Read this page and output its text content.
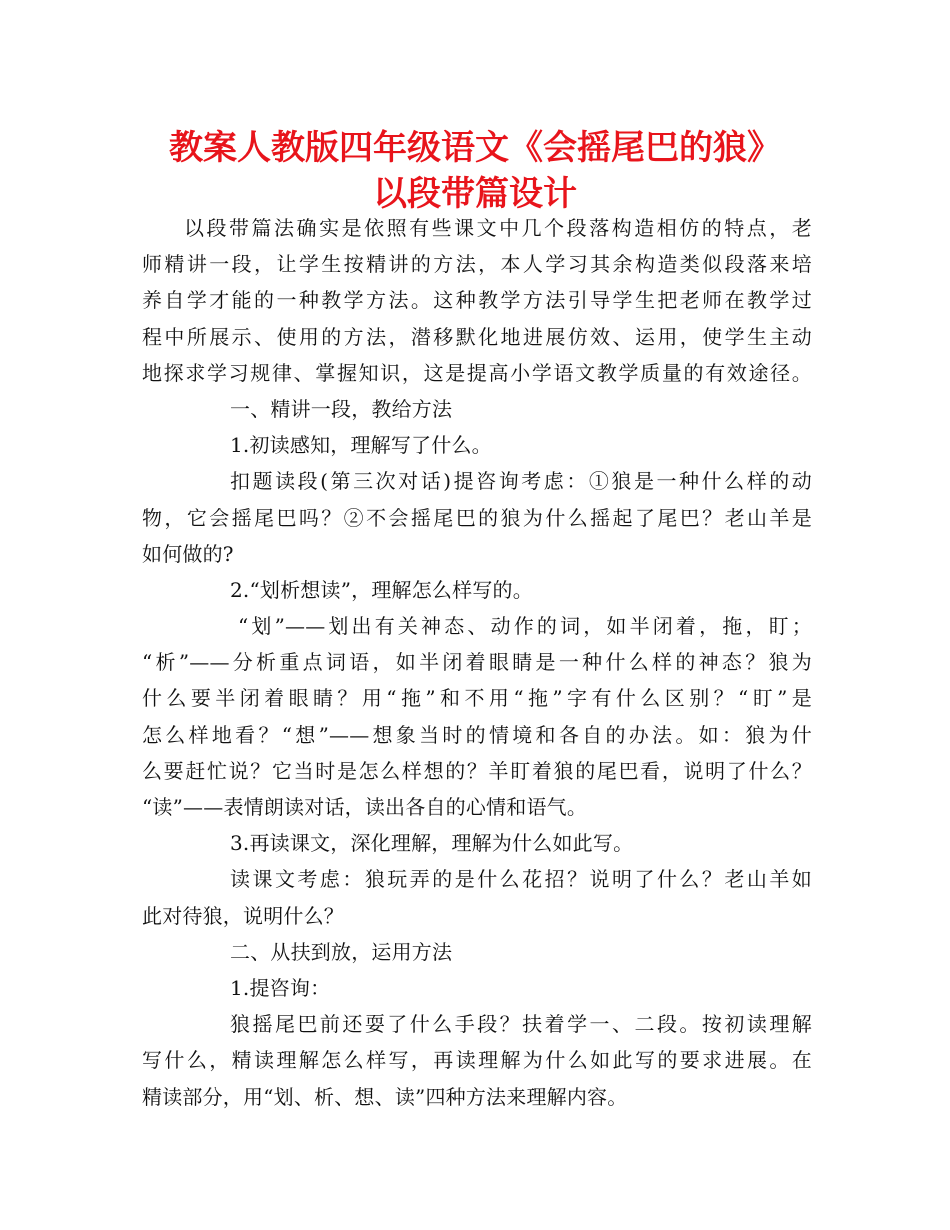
教案人教版四年级语文《会摇尾巴的狼》
以段带篇设计
以段带篇法确实是依照有些课文中几个段落构造相仿的特点，老
师精讲一段，让学生按精讲的方法，本人学习其余构造类似段落来培
养自学才能的一种教学方法。这种教学方法引导学生把老师在教学过
程中所展示、使用的方法，潜移默化地进展仿效、运用，使学生主动
地探求学习规律、掌握知识，这是提高小学语文教学质量的有效途径。
一、精讲一段，教给方法
1.初读感知，理解写了什么。
扣题读段(第三次对话)提咨询考虑：①狼是一种什么样的动
物，它会摇尾巴吗？②不会摇尾巴的狼为什么摇起了尾巴？老山羊是
如何做的?
2.“划析想读”，理解怎么样写的。
“划”——划出有关神态、动作的词，如半闭着，拖，盯；
“析”——分析重点词语，如半闭着眼睛是一种什么样的神态？狼为
什么要半闭着眼睛？用“拖”和不用“拖”字有什么区别？“盯”是
怎么样地看？“想”——想象当时的情境和各自的办法。如：狼为什
么要赶忙说？它当时是怎么样想的？羊盯着狼的尾巴看，说明了什么？
“读”——表情朗读对话，读出各自的心情和语气。
3.再读课文，深化理解，理解为什么如此写。
读课文考虑：狼玩弄的是什么花招？说明了什么？老山羊如
此对待狼，说明什么？
二、从扶到放，运用方法
1.提咨询：
狼摇尾巴前还耍了什么手段？扶着学一、二段。按初读理解
写什么，精读理解怎么样写，再读理解为什么如此写的要求进展。在
精读部分，用“划、析、想、读”四种方法来理解内容。
